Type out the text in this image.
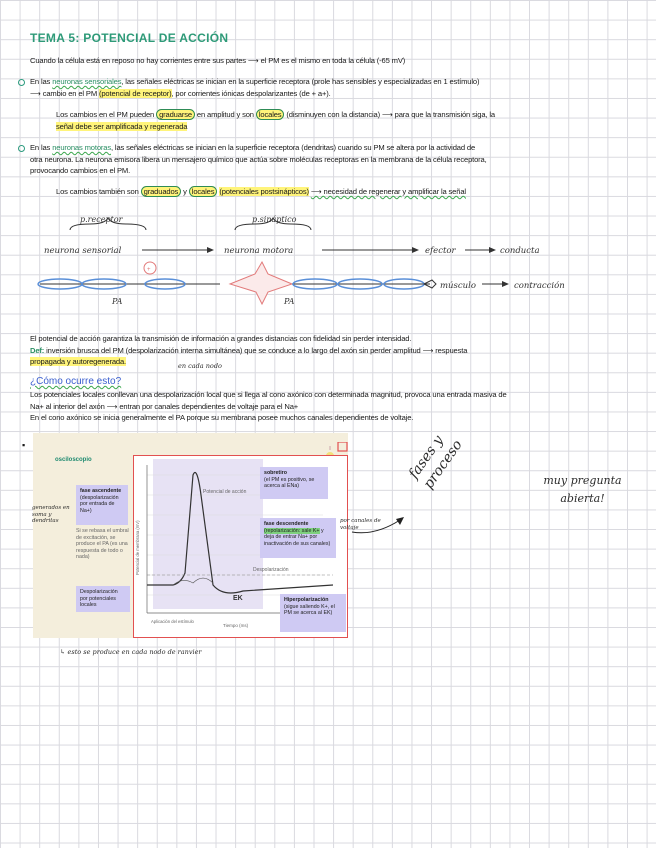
TEMA 5: POTENCIAL DE ACCIÓN
Cuando la célula está en reposo no hay corrientes entre sus partes ⟶ el PM es el mismo en toda la célula (-65 mV)
En las neuronas sensoriales, las señales eléctricas se inician en la superficie receptora (prole has sensibles y especializadas en 1 estímulo)
⟶ cambio en el PM (potencial de receptor), por corrientes iónicas despolarizantes (de + a+).
Los cambios en el PM pueden graduarse en amplitud y son locales (disminuyen con la distancia) ⟶ para que la transmisión siga, la
señal debe ser amplificada y regenerada
En las neuronas motoras, las señales eléctricas se inician en la superficie receptora (dendritas) cuando su PM se altera por la actividad de
otra neurona. La neurona emisora libera un mensajero químico que actúa sobre moléculas receptoras en la membrana de la célula receptora,
provocando cambios en el PM.
Los cambios también son graduados y locales (potenciales postsinápticos) ⟶ necesidad de regenerar y amplificar la señal
p.receptor	p.sináptico
neurona sensorial	neurona motora	efector	conducta
+
músculo	contracción
PA	PA
El potencial de acción garantiza la transmisión de información a grandes distancias con fidelidad sin perder intensidad.
Def: inversión brusca del PM (despolarización interna simultánea) que se conduce a lo largo del axón sin perder amplitud ⟶ respuesta
propagada y autoregenerada.	en cada nodo
¿Cómo ocurre esto?
Los potenciales locales conllevan una despolarización local que si llega al cono axónico con determinada magnitud, provoca una entrada masiva de
Na+ al interior del axón ⟶ entran por canales dependientes de voltaje para el Na+
En el cono axónico se inicia generalmente el PA porque su membrana posee muchos canales dependientes de voltaje.
▪
osciloscopio
Potencial de acción
Despolarización
Potencial de membrana (mV)
Tiempo (ms)
Aplicación del estímulo
EK
fase ascendente
(despolarización por entrada de Na+)
Si se rebasa el umbral de excitación, se produce el PA (es una respuesta de todo o nada)
Despolarización por potenciales locales
sobretiro
(el PM es positivo, se acerca al ENa)
fase descendente
(repolarización: sale K+ y deja de entrar Na+ por inactivación de sus canales)
Hiperpolarización
(sigue saliendo K+, el PM se acerca al EK)
generados en soma y dendritas	por canales de voltaje
fases y proceso	muy pregunta abierta!
↳ esto se produce en cada nodo de ranvier
